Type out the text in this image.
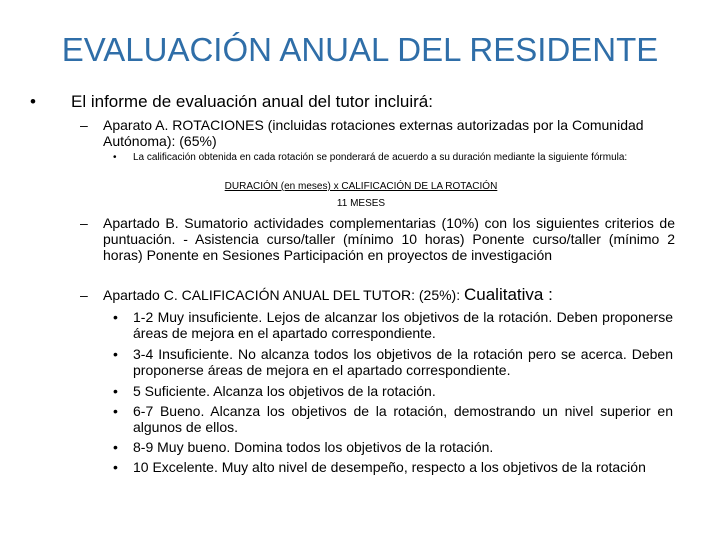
EVALUACIÓN ANUAL DEL RESIDENTE
• El informe de evaluación anual del tutor incluirá:
– Aparato A. ROTACIONES (incluidas rotaciones externas autorizadas por la Comunidad Autónoma): (65%)
• La calificación obtenida en cada rotación se ponderará de acuerdo a su duración mediante la siguiente fórmula:
DURACIÓN (en meses) x CALIFICACIÓN DE LA ROTACIÓN
11 MESES
– Apartado B. Sumatorio actividades complementarias (10%) con los siguientes criterios de puntuación. - Asistencia curso/taller (mínimo 10 horas) Ponente curso/taller (mínimo 2 horas) Ponente en Sesiones Participación en proyectos de investigación
– Apartado C. CALIFICACIÓN ANUAL DEL TUTOR: (25%): Cualitativa :
• 1-2 Muy insuficiente. Lejos de alcanzar los objetivos de la rotación. Deben proponerse áreas de mejora en el apartado correspondiente.
• 3-4 Insuficiente. No alcanza todos los objetivos de la rotación pero se acerca. Deben proponerse áreas de mejora en el apartado correspondiente.
• 5 Suficiente. Alcanza los objetivos de la rotación.
• 6-7 Bueno. Alcanza los objetivos de la rotación, demostrando un nivel superior en algunos de ellos.
• 8-9 Muy bueno. Domina todos los objetivos de la rotación.
• 10 Excelente. Muy alto nivel de desempeño, respecto a los objetivos de la rotación
